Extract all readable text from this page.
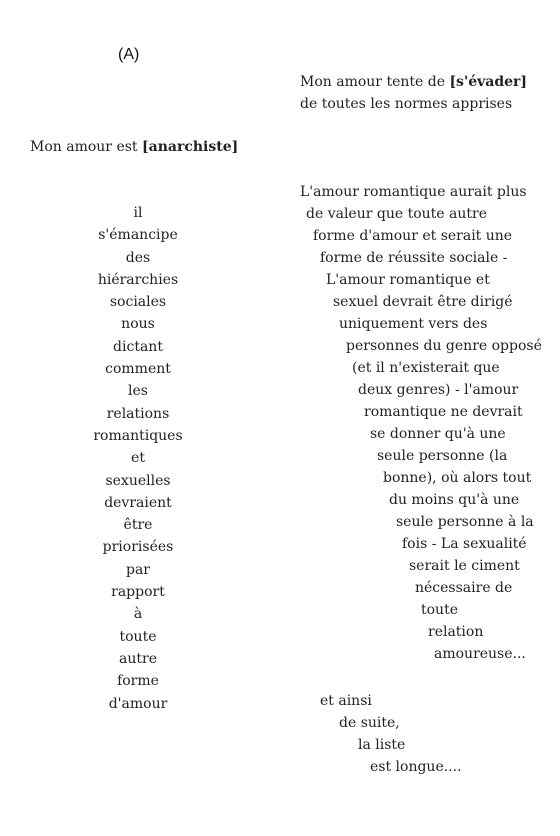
(A)
Mon amour tente de [s'évader]
de toutes les normes apprises
Mon amour est [anarchiste]
il
s'émancipe
des
hiérarchies
sociales
nous
dictant
comment
les
relations
romantiques
et
sexuelles
devraient
être
priorisées
par
rapport
à
toute
autre
forme
d'amour
L'amour romantique aurait plus
de valeur que toute autre
forme d'amour et serait une
forme de réussite sociale -
L'amour romantique et
sexuel devrait être dirigé
uniquement vers des
personnes du genre opposé
(et il n'existerait que
deux genres) - l'amour
romantique ne devrait
se donner qu'à une
seule personne (la
bonne), où alors tout
du moins qu'à une
seule personne à la
fois - La sexualité
serait le ciment
nécessaire de
toute
relation
amoureuse...
et ainsi
de suite,
la liste
est longue....
